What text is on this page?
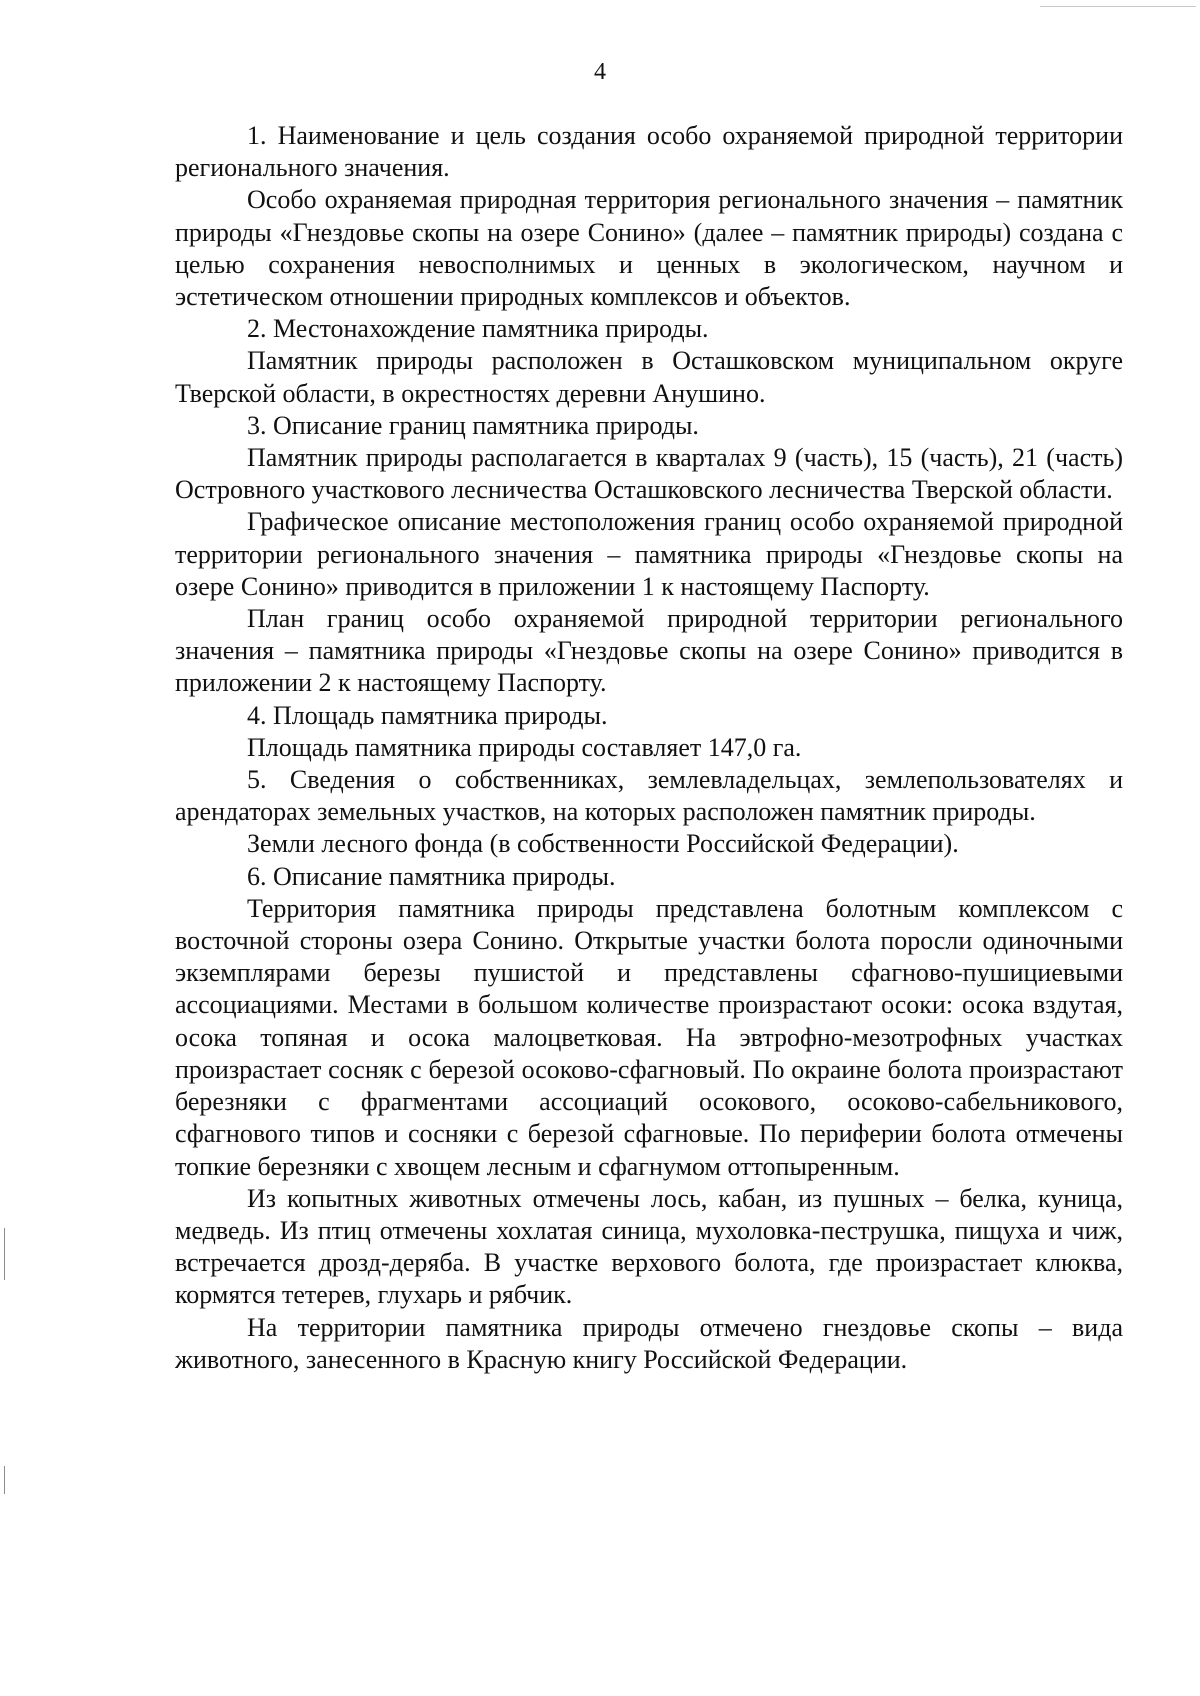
4

1. Наименование и цель создания особо охраняемой природной территории регионального значения.

Особо охраняемая природная территория регионального значения – памятник природы «Гнездовье скопы на озере Сонино» (далее – памятник природы) создана с целью сохранения невосполнимых и ценных в экологическом, научном и эстетическом отношении природных комплексов и объектов.

2. Местонахождение памятника природы.

Памятник природы расположен в Осташковском муниципальном округе Тверской области, в окрестностях деревни Анушино.

3. Описание границ памятника природы.

Памятник природы располагается в кварталах 9 (часть), 15 (часть), 21 (часть) Островного участкового лесничества Осташковского лесничества Тверской области.

Графическое описание местоположения границ особо охраняемой природной территории регионального значения – памятника природы «Гнездовье скопы на озере Сонино» приводится в приложении 1 к настоящему Паспорту.

План границ особо охраняемой природной территории регионального значения – памятника природы «Гнездовье скопы на озере Сонино» приводится в приложении 2 к настоящему Паспорту.

4. Площадь памятника природы.

Площадь памятника природы составляет 147,0 га.

5. Сведения о собственниках, землевладельцах, землепользователях и арендаторах земельных участков, на которых расположен памятник природы.

Земли лесного фонда (в собственности Российской Федерации).

6. Описание памятника природы.

Территория памятника природы представлена болотным комплексом с восточной стороны озера Сонино. Открытые участки болота поросли одиночными экземплярами березы пушистой и представлены сфагново-пушициевыми ассоциациями. Местами в большом количестве произрастают осоки: осока вздутая, осока топяная и осока малоцветковая. На эвтрофно-мезотрофных участках произрастает сосняк с березой осоково-сфагновый. По окраине болота произрастают березняки с фрагментами ассоциаций осокового, осоково-сабельникового, сфагнового типов и сосняки с березой сфагновые. По периферии болота отмечены топкие березняки с хвощем лесным и сфагнумом оттопыренным.

Из копытных животных отмечены лось, кабан, из пушных – белка, куница, медведь. Из птиц отмечены хохлатая синица, мухоловка-пеструшка, пищуха и чиж, встречается дрозд-деряба. В участке верхового болота, где произрастает клюква, кормятся тетерев, глухарь и рябчик.

На территории памятника природы отмечено гнездовье скопы – вида животного, занесенного в Красную книгу Российской Федерации.
